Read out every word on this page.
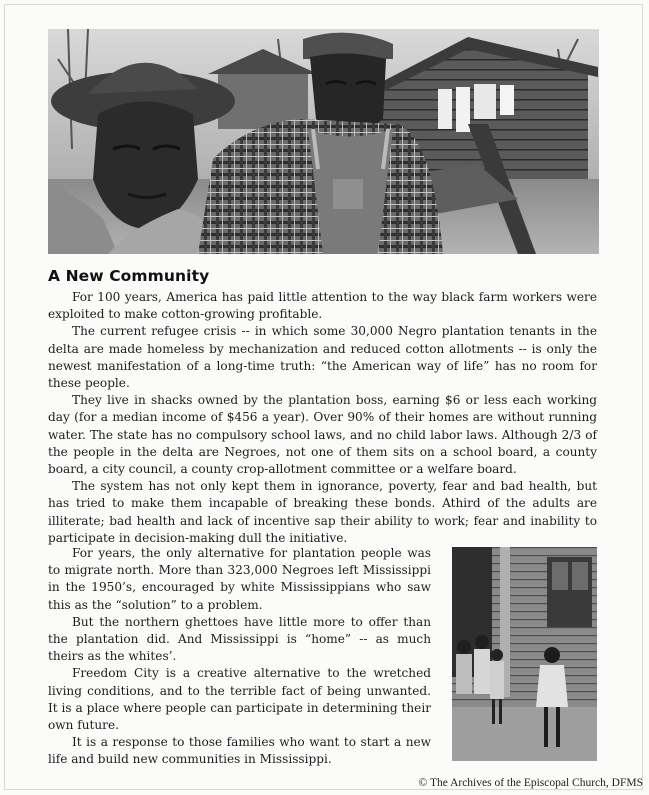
A New Community

For 100 years, America has paid little attention to the way black farm workers were exploited to make cotton-growing profitable.

The current refugee crisis -- in which some 30,000 Negro plantation tenants in the delta are made homeless by mechanization and reduced cotton allotments -- is only the newest manifestation of a long-time truth: “the American way of life” has no room for these people.

They live in shacks owned by the plantation boss, earning $6 or less each working day (for a median income of $456 a year). Over 90% of their homes are without running water. The state has no compulsory school laws, and no child labor laws. Although 2/3 of the people in the delta are Negroes, not one of them sits on a school board, a county board, a city council, a county crop-allotment committee or a welfare board.

The system has not only kept them in ignorance, poverty, fear and bad health, but has tried to make them incapable of breaking these bonds. Athird of the adults are illiterate; bad health and lack of incentive sap their ability to work; fear and inability to participate in decision-making dull the initiative.

For years, the only alternative for plantation people was to migrate north. More than 323,000 Negroes left Mississippi in the 1950’s, encouraged by white Mississippians who saw this as the “solution” to a problem.

But the northern ghettoes have little more to offer than the plantation did. And Mississippi is “home” -- as much theirs as the whites’.

Freedom City is a creative alternative to the wretched living conditions, and to the terrible fact of being unwanted. It is a place where people can participate in determining their own future.

It is a response to those families who want to start a new life and build new communities in Mississippi.

© The Archives of the Episcopal Church, DFMS
